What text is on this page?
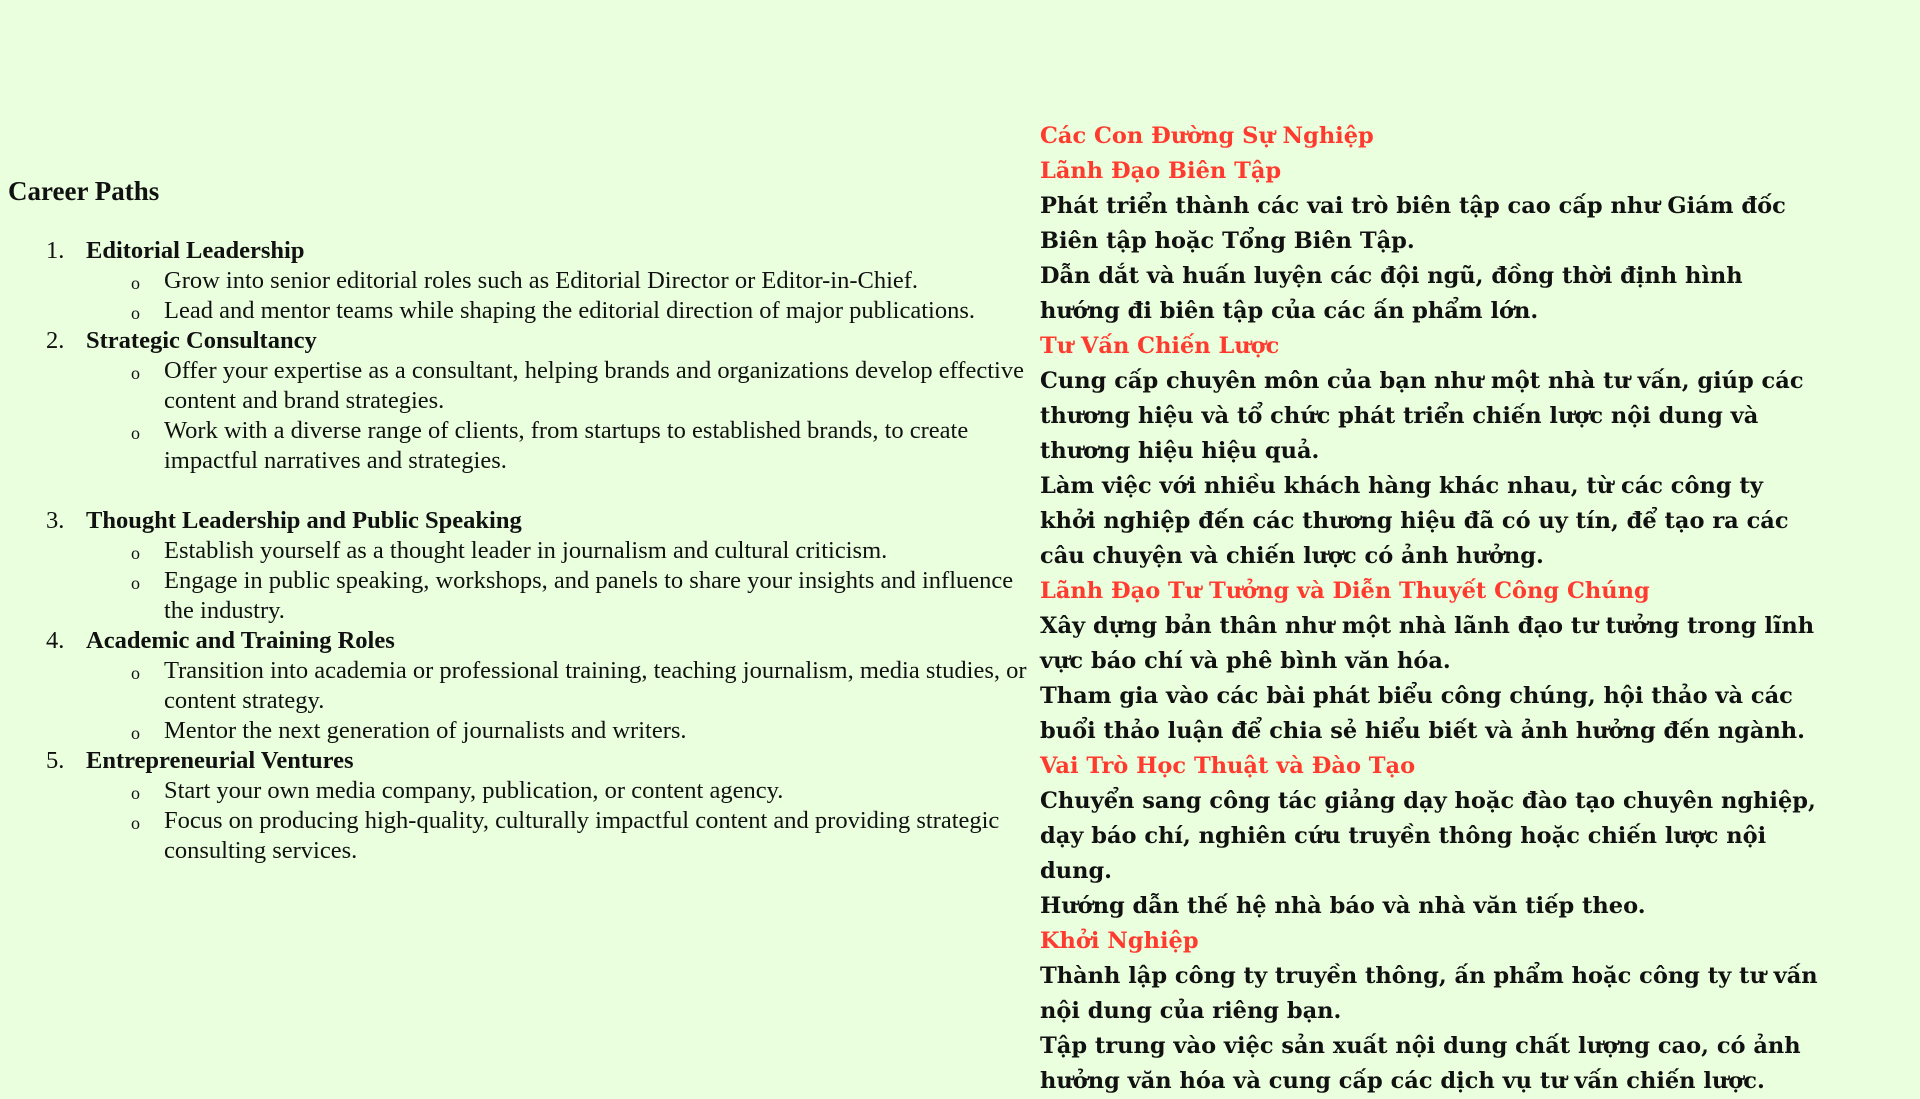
Career Paths
1. Editorial Leadership
o Grow into senior editorial roles such as Editorial Director or Editor-in-Chief.
o Lead and mentor teams while shaping the editorial direction of major publications.
2. Strategic Consultancy
o Offer your expertise as a consultant, helping brands and organizations develop effective content and brand strategies.
o Work with a diverse range of clients, from startups to established brands, to create impactful narratives and strategies.
3. Thought Leadership and Public Speaking
o Establish yourself as a thought leader in journalism and cultural criticism.
o Engage in public speaking, workshops, and panels to share your insights and influence the industry.
4. Academic and Training Roles
o Transition into academia or professional training, teaching journalism, media studies, or content strategy.
o Mentor the next generation of journalists and writers.
5. Entrepreneurial Ventures
o Start your own media company, publication, or content agency.
o Focus on producing high-quality, culturally impactful content and providing strategic consulting services.

Các Con Đường Sự Nghiệp

Lãnh Đạo Biên Tập

Phát triển thành các vai trò biên tập cao cấp như Giám đốc Biên tập hoặc Tổng Biên Tập.

Dẫn dắt và huấn luyện các đội ngũ, đồng thời định hình hướng đi biên tập của các ấn phẩm lớn.

Tư Vấn Chiến Lược

Cung cấp chuyên môn của bạn như một nhà tư vấn, giúp các thương hiệu và tổ chức phát triển chiến lược nội dung và thương hiệu hiệu quả.

Làm việc với nhiều khách hàng khác nhau, từ các công ty khởi nghiệp đến các thương hiệu đã có uy tín, để tạo ra các câu chuyện và chiến lược có ảnh hưởng.

Lãnh Đạo Tư Tưởng và Diễn Thuyết Công Chúng

Xây dựng bản thân như một nhà lãnh đạo tư tưởng trong lĩnh vực báo chí và phê bình văn hóa.

Tham gia vào các bài phát biểu công chúng, hội thảo và các buổi thảo luận để chia sẻ hiểu biết và ảnh hưởng đến ngành.

Vai Trò Học Thuật và Đào Tạo

Chuyển sang công tác giảng dạy hoặc đào tạo chuyên nghiệp, dạy báo chí, nghiên cứu truyền thông hoặc chiến lược nội dung.

Hướng dẫn thế hệ nhà báo và nhà văn tiếp theo.

Khởi Nghiệp

Thành lập công ty truyền thông, ấn phẩm hoặc công ty tư vấn nội dung của riêng bạn.

Tập trung vào việc sản xuất nội dung chất lượng cao, có ảnh hưởng văn hóa và cung cấp các dịch vụ tư vấn chiến lược.
